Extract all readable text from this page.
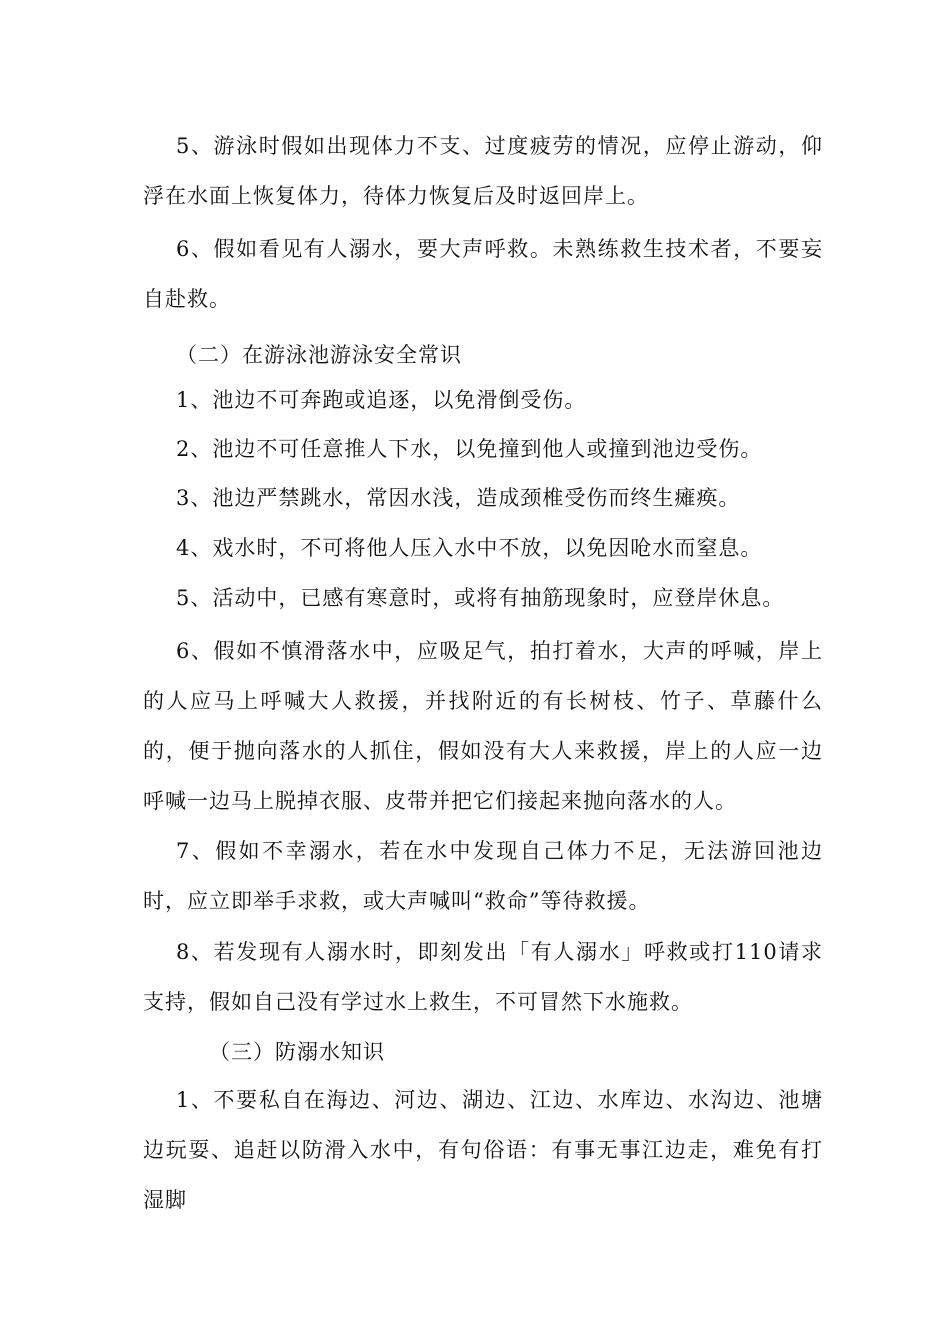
5、游泳时假如出现体力不支、过度疲劳的情况，应停止游动，仰浮在水面上恢复体力，待体力恢复后及时返回岸上。

6、假如看见有人溺水，要大声呼救。未熟练救生技术者，不要妄自赴救。

（二）在游泳池游泳安全常识

1、池边不可奔跑或追逐，以免滑倒受伤。

2、池边不可任意推人下水，以免撞到他人或撞到池边受伤。

3、池边严禁跳水，常因水浅，造成颈椎受伤而终生瘫痪。

4、戏水时，不可将他人压入水中不放，以免因呛水而窒息。

5、活动中，已感有寒意时，或将有抽筋现象时，应登岸休息。

6、假如不慎滑落水中，应吸足气，拍打着水，大声的呼喊，岸上的人应马上呼喊大人救援，并找附近的有长树枝、竹子、草藤什么的，便于抛向落水的人抓住，假如没有大人来救援，岸上的人应一边呼喊一边马上脱掉衣服、皮带并把它们接起来抛向落水的人。

7、假如不幸溺水，若在水中发现自己体力不足，无法游回池边时，应立即举手求救，或大声喊叫“救命”等待救援。

8、若发现有人溺水时，即刻发出「有人溺水」呼救或打110请求支持，假如自己没有学过水上救生，不可冒然下水施救。

（三）防溺水知识

1、不要私自在海边、河边、湖边、江边、水库边、水沟边、池塘边玩耍、追赶以防滑入水中，有句俗语：有事无事江边走，难免有打湿脚
